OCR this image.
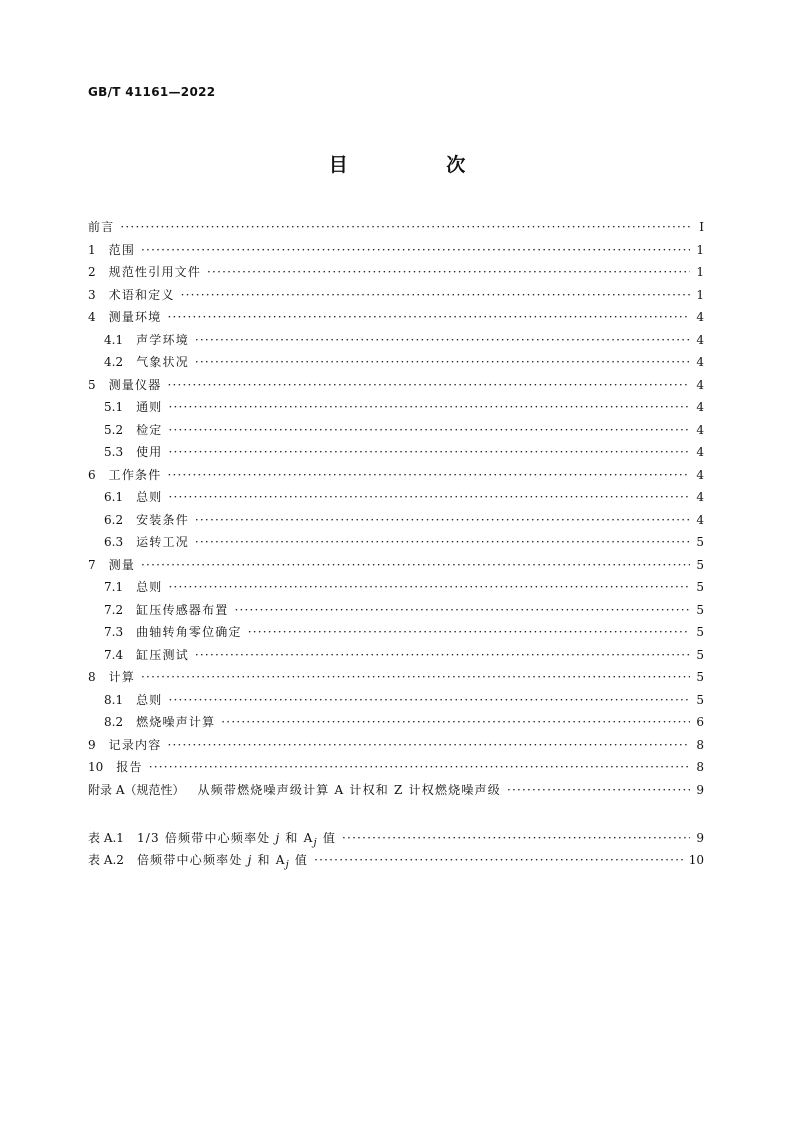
GB/T 41161—2022
目 次
前言 ·····	I
1	范围 ·····	1
2	规范性引用文件 ·····	1
3	术语和定义 ·····	1
4	测量环境 ·····	4
4.1	声学环境 ·····	4
4.2	气象状况 ·····	4
5	测量仪器 ·····	4
5.1	通则 ·····	4
5.2	检定 ·····	4
5.3	使用 ·····	4
6	工作条件 ·····	4
6.1	总则 ·····	4
6.2	安装条件 ·····	4
6.3	运转工况 ·····	5
7	测量 ·····	5
7.1	总则 ·····	5
7.2	缸压传感器布置 ·····	5
7.3	曲轴转角零位确定 ·····	5
7.4	缸压测试 ·····	5
8	计算 ·····	5
8.1	总则 ·····	5
8.2	燃烧噪声计算 ·····	6
9	记录内容 ·····	8
10	报告 ·····	8
附录 A（规范性）	从频带燃烧噪声级计算 A 计权和 Z 计权燃烧噪声级 ·····	9
表 A.1	1/3 倍频带中心频率处 j 和 $A_j$ 值 ·····	9
表 A.2	倍频带中心频率处 j 和 $A_j$ 值 ·····	10
